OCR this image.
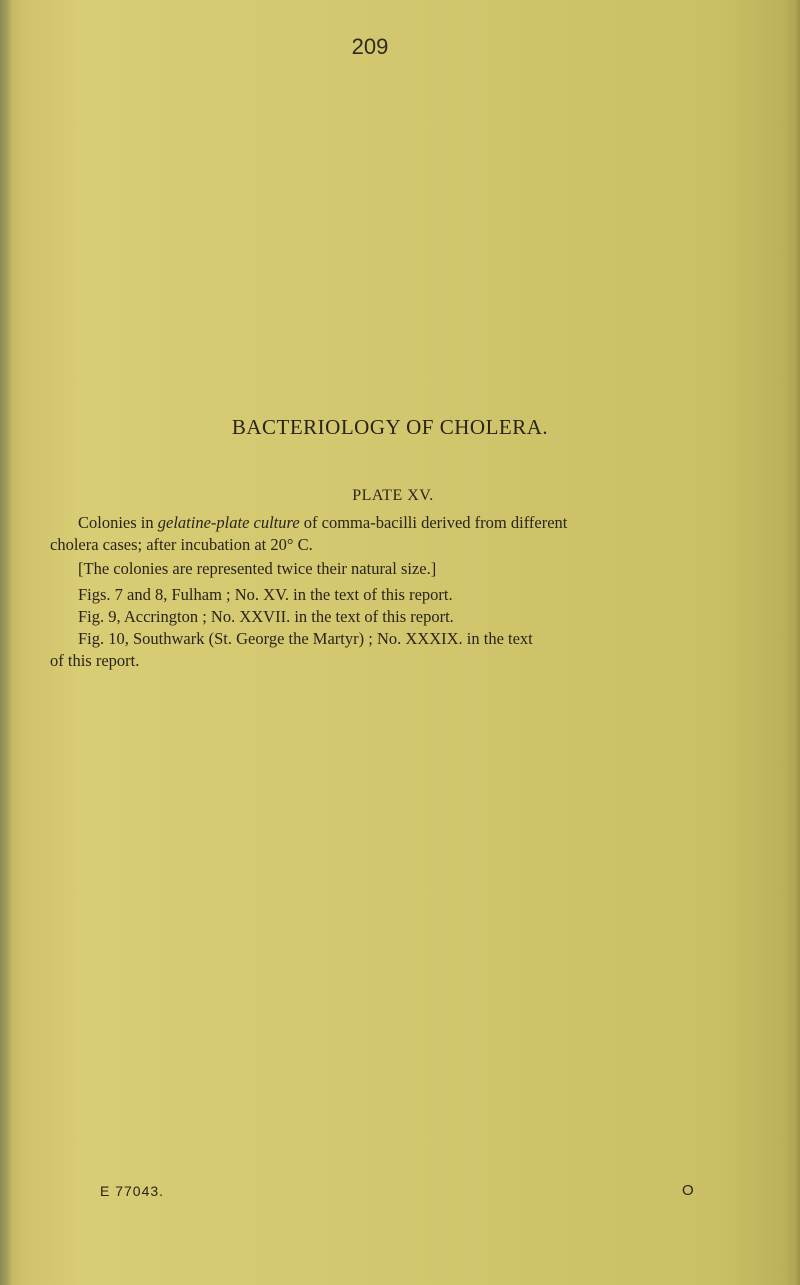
209
BACTERIOLOGY OF CHOLERA.
PLATE XV.
Colonies in gelatine-plate culture of comma-bacilli derived from different
cholera cases; after incubation at 20° C.
[The colonies are represented twice their natural size.]
Figs. 7 and 8, Fulham ; No. XV. in the text of this report.
Fig. 9, Accrington ; No. XXVII. in the text of this report.
Fig. 10, Southwark (St. George the Martyr) ; No. XXXIX. in the text
of this report.
E 77043.	O
